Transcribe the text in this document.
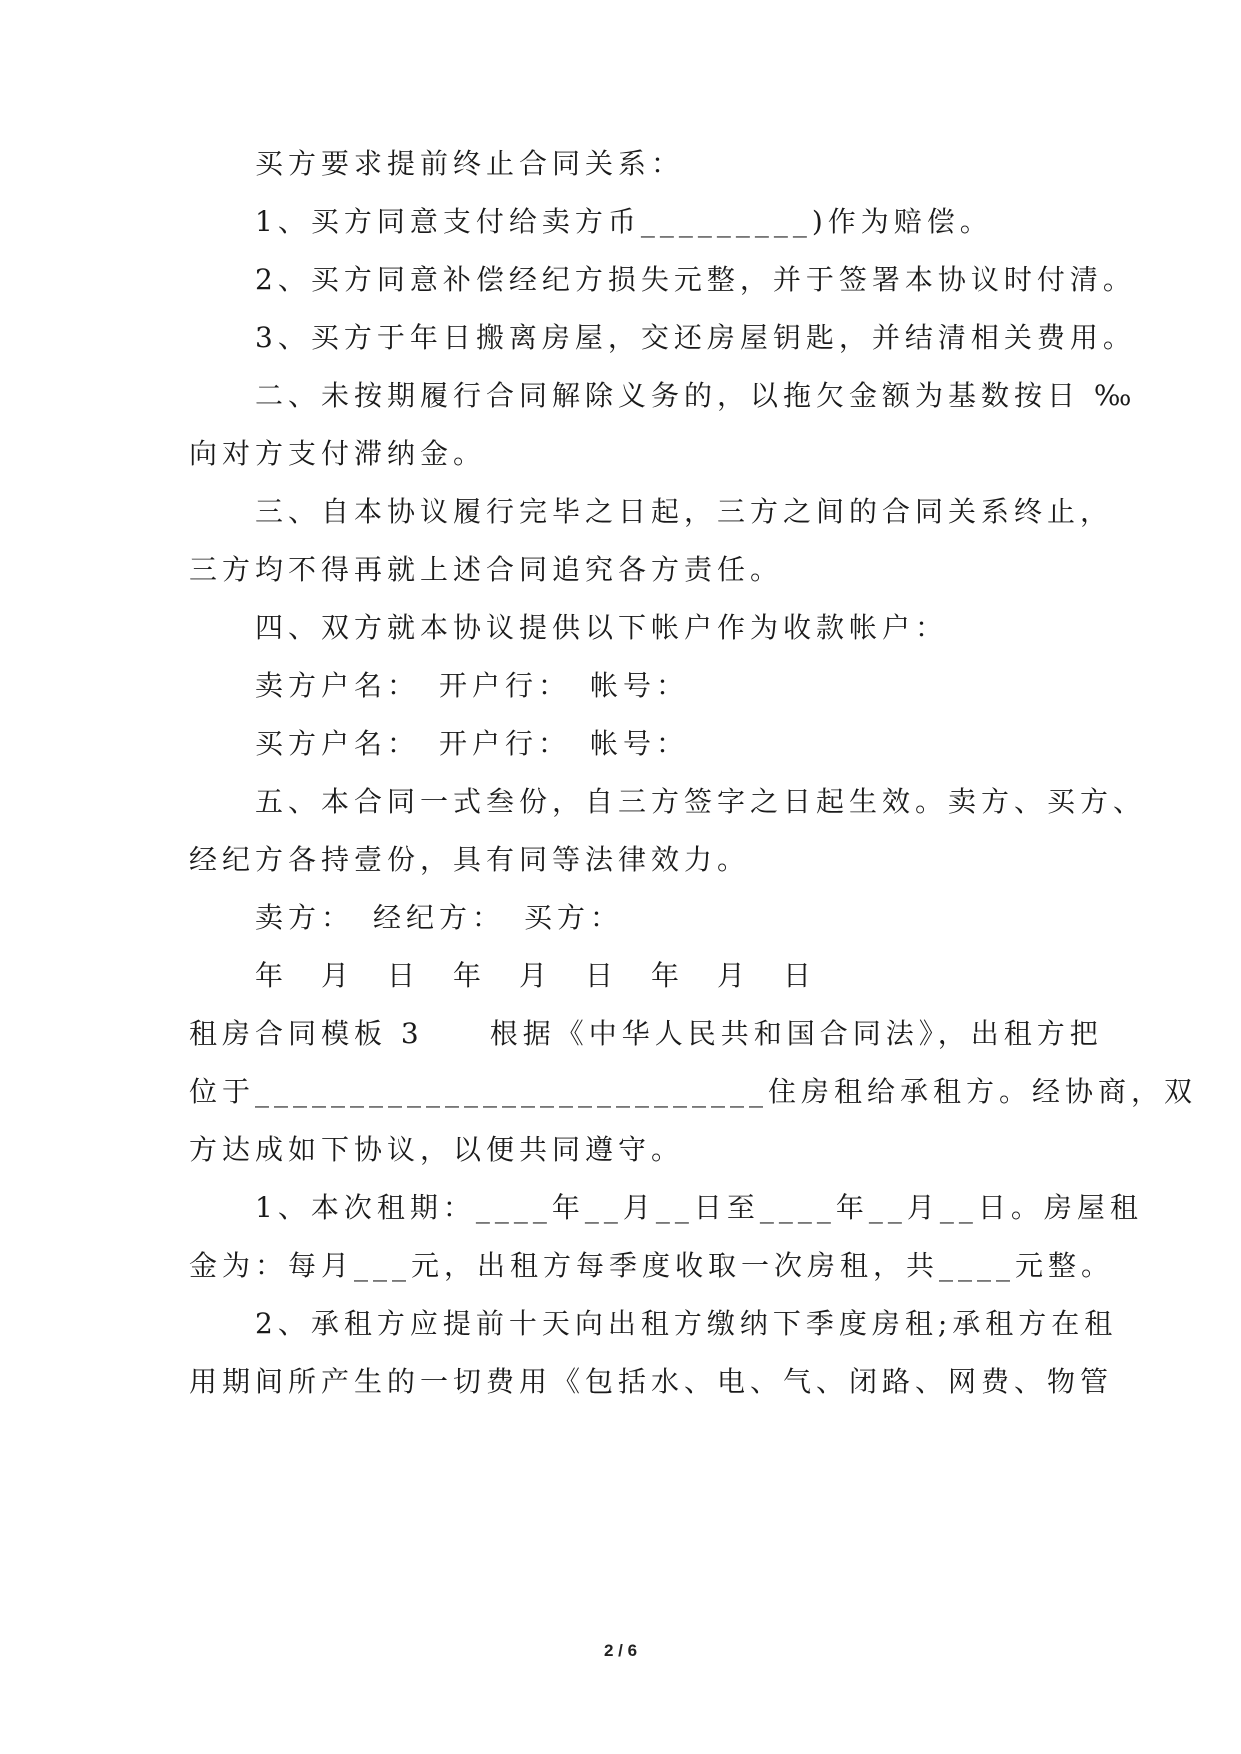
　　买方要求提前终止合同关系：
　　1、买方同意支付给卖方币_________)作为赔偿。
　　2、买方同意补偿经纪方损失元整，并于签署本协议时付清。
　　3、买方于年日搬离房屋，交还房屋钥匙，并结清相关费用。
　　二、未按期履行合同解除义务的，以拖欠金额为基数按日 ‰
向对方支付滞纳金。
　　三、自本协议履行完毕之日起，三方之间的合同关系终止，
三方均不得再就上述合同追究各方责任。
　　四、双方就本协议提供以下帐户作为收款帐户：
　　卖方户名：　开户行：　帐号：
　　买方户名：　开户行：　帐号：
　　五、本合同一式叁份，自三方签字之日起生效。卖方、买方、
经纪方各持壹份，具有同等法律效力。
　　卖方：　经纪方：　买方：
　　年　月　日　年　月　日　年　月　日
租房合同模板 3　　根据《中华人民共和国合同法》，出租方把
位于___________________________住房租给承租方。经协商，双
方达成如下协议，以便共同遵守。
　　1、本次租期：____年__月__日至____年__月__日。房屋租
金为：每月___元，出租方每季度收取一次房租，共____元整。
　　2、承租方应提前十天向出租方缴纳下季度房租;承租方在租
用期间所产生的一切费用《包括水、电、气、闭路、网费、物管
2 / 6
